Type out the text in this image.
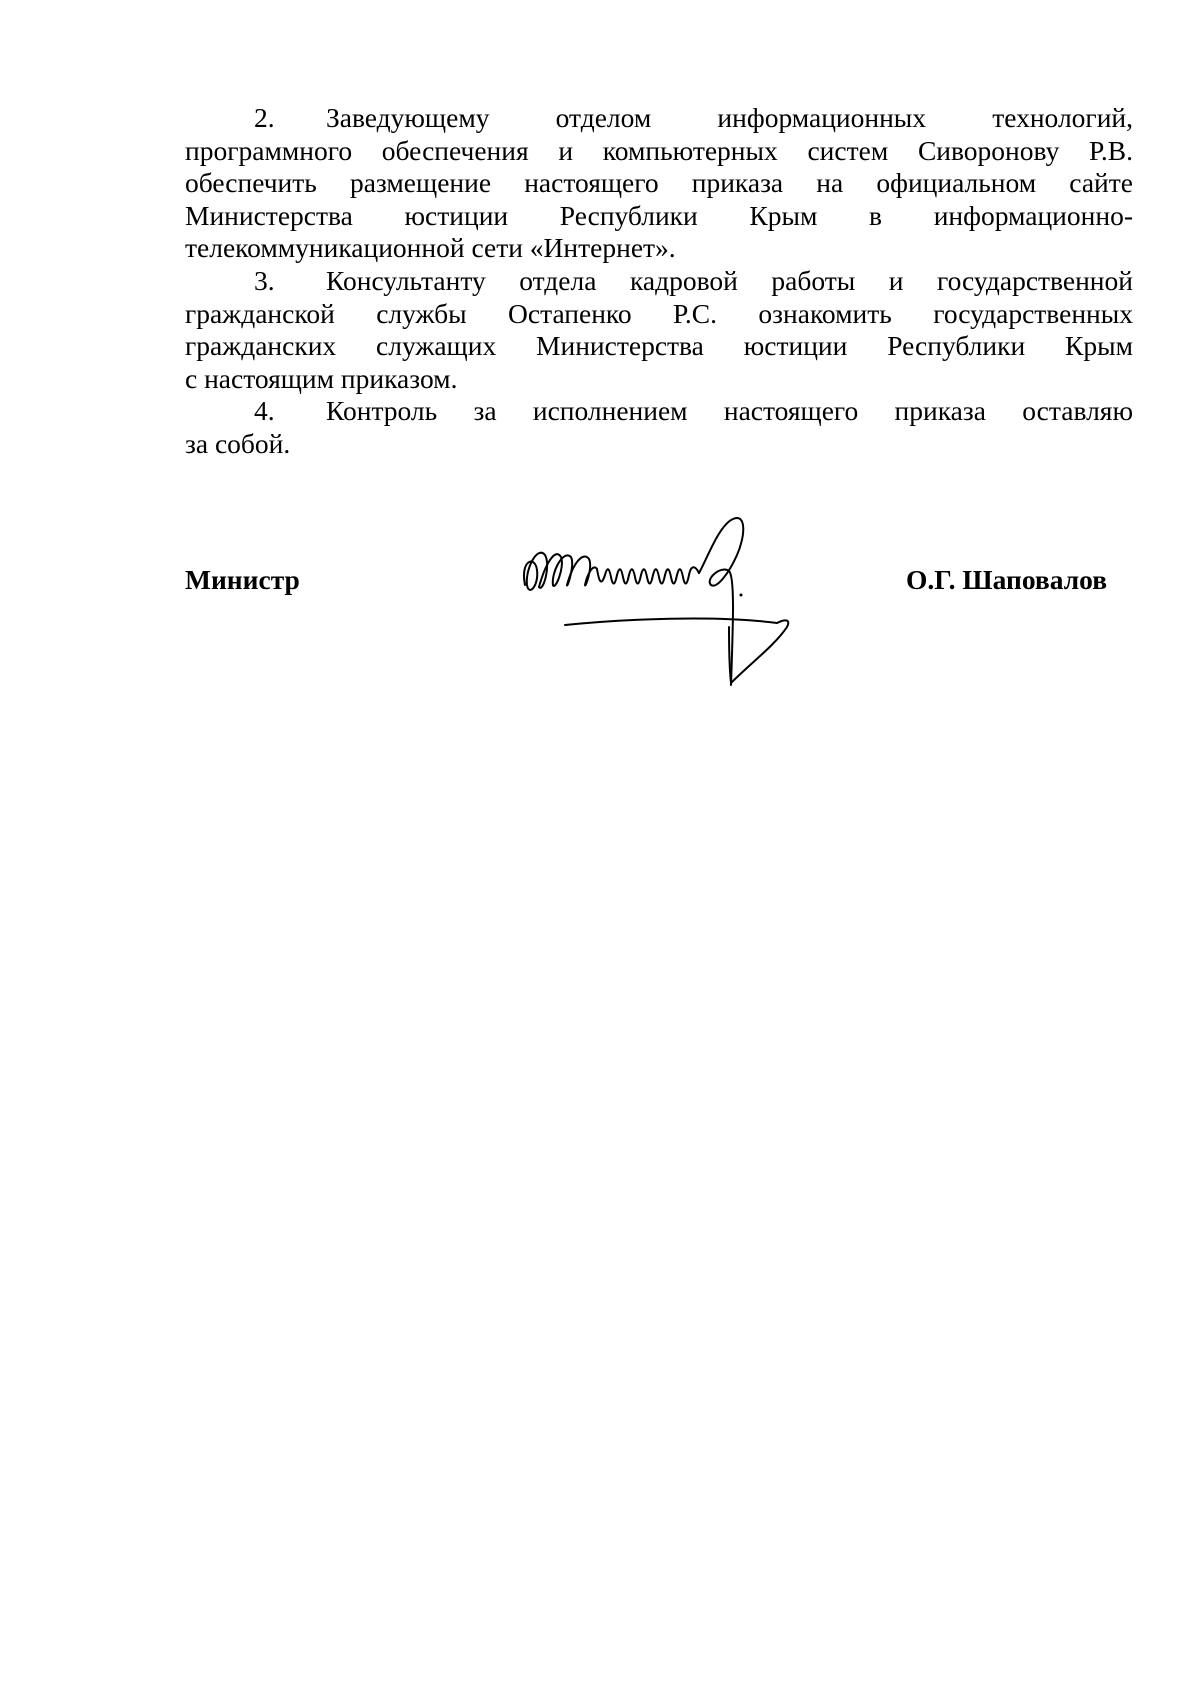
2. Заведующему отделом информационных технологий,
программного обеспечения и компьютерных систем Сиворонову Р.В.
обеспечить размещение настоящего приказа на официальном сайте
Министерства юстиции Республики Крым в информационно-
телекоммуникационной сети «Интернет».
3. Консультанту отдела кадровой работы и государственной
гражданской службы Остапенко Р.С. ознакомить государственных
гражданских служащих Министерства юстиции Республики Крым
с настоящим приказом.
4. Контроль за исполнением настоящего приказа оставляю
за собой.
Министр	О.Г. Шаповалов
